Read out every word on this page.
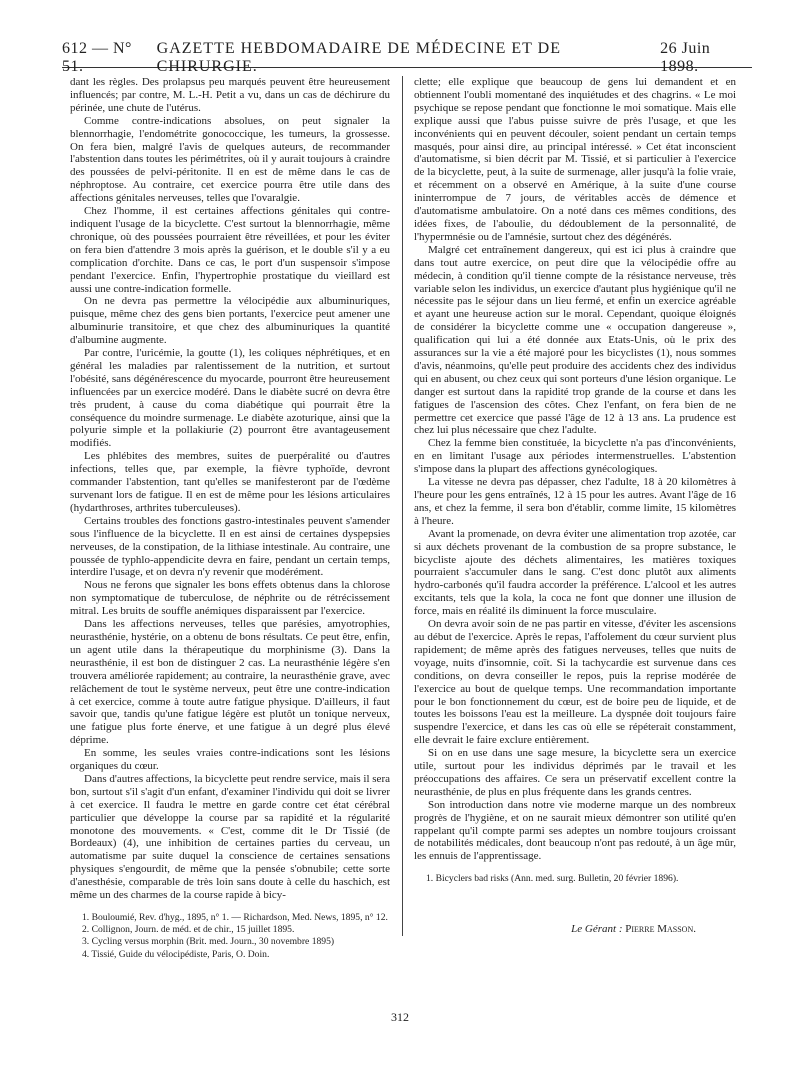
612 — N° 51.
GAZETTE HEBDOMADAIRE DE MÉDECINE ET DE CHIRURGIE.
26 Juin 1898.

dant les règles. Des prolapsus peu marqués peuvent être heureusement influencés; par contre, M. L.-H. Petit a vu, dans un cas de déchirure du périnée, une chute de l'utérus.

Comme contre-indications absolues, on peut signaler la blennorrhagie, l'endométrite gonococcique, les tumeurs, la grossesse. On fera bien, malgré l'avis de quelques auteurs, de recommander l'abstention dans toutes les périmétrites, où il y aurait toujours à craindre des poussées de pelvi-péritonite. Il en est de même dans le cas de néphroptose. Au contraire, cet exercice pourra être utile dans des affections génitales nerveuses, telles que l'ovaralgie.

Chez l'homme, il est certaines affections génitales qui contre-indiquent l'usage de la bicyclette. C'est surtout la blennorrhagie, même chronique, où des poussées pourraient être réveillées, et pour les éviter on fera bien d'attendre 3 mois après la guérison, et le double s'il y a eu complication d'orchite. Dans ce cas, le port d'un suspensoir s'impose pendant l'exercice. Enfin, l'hypertrophie prostatique du vieillard est aussi une contre-indication formelle.

On ne devra pas permettre la vélocipédie aux albuminuriques, puisque, même chez des gens bien portants, l'exercice peut amener une albuminurie transitoire, et que chez des albuminuriques la quantité d'albumine augmente.

Par contre, l'uricémie, la goutte (1), les coliques néphrétiques, et en général les maladies par ralentissement de la nutrition, et surtout l'obésité, sans dégénérescence du myocarde, pourront être heureusement influencées par un exercice modéré. Dans le diabète sucré on devra être très prudent, à cause du coma diabétique qui pourrait être la conséquence du moindre surmenage. Le diabète azoturique, ainsi que la polyurie simple et la pollakiurie (2) pourront être avantageusement modifiés.

Les phlébites des membres, suites de puerpéralité ou d'autres infections, telles que, par exemple, la fièvre typhoïde, devront commander l'abstention, tant qu'elles se manifesteront par de l'œdème survenant lors de fatigue. Il en est de même pour les lésions articulaires (hydarthroses, arthrites tuberculeuses).

Certains troubles des fonctions gastro-intestinales peuvent s'amender sous l'influence de la bicyclette. Il en est ainsi de certaines dyspepsies nerveuses, de la constipation, de la lithiase intestinale. Au contraire, une poussée de typhlo-appendicite devra en faire, pendant un certain temps, interdire l'usage, et on devra n'y revenir que modérément.

Nous ne ferons que signaler les bons effets obtenus dans la chlorose non symptomatique de tuberculose, de néphrite ou de rétrécissement mitral. Les bruits de souffle anémiques disparaissent par l'exercice.

Dans les affections nerveuses, telles que parésies, amyotrophies, neurasthénie, hystérie, on a obtenu de bons résultats. Ce peut être, enfin, un agent utile dans la thérapeutique du morphinisme (3). Dans la neurasthénie, il est bon de distinguer 2 cas. La neurasthénie légère s'en trouvera améliorée rapidement; au contraire, la neurasthénie grave, avec relâchement de tout le système nerveux, peut être une contre-indication à cet exercice, comme à toute autre fatigue physique. D'ailleurs, il faut savoir que, tandis qu'une fatigue légère est plutôt un tonique nerveux, une fatigue plus forte énerve, et une fatigue à un degré plus élevé déprime.

En somme, les seules vraies contre-indications sont les lésions organiques du cœur.

Dans d'autres affections, la bicyclette peut rendre service, mais il sera bon, surtout s'il s'agit d'un enfant, d'examiner l'individu qui doit se livrer à cet exercice. Il faudra le mettre en garde contre cet état cérébral particulier que développe la course par sa rapidité et la régularité monotone des mouvements. « C'est, comme dit le Dr Tissié (de Bordeaux) (4), une inhibition de certaines parties du cerveau, un automatisme par suite duquel la conscience de certaines sensations physiques s'engourdit, de même que la pensée s'obnubile; cette sorte d'anesthésie, comparable de très loin sans doute à celle du haschich, est même un des charmes de la course rapide à bicy-

1. Bouloumié, Rev. d'hyg., 1895, n° 1. — Richardson, Med. News, 1895, n° 12.

2. Collignon, Journ. de méd. et de chir., 15 juillet 1895.

3. Cycling versus morphin (Brit. med. Journ., 30 novembre 1895)

4. Tissié, Guide du vélocipédiste, Paris, O. Doin.

clette; elle explique que beaucoup de gens lui demandent et en obtiennent l'oubli momentané des inquiétudes et des chagrins. « Le moi psychique se repose pendant que fonctionne le moi somatique. Mais elle explique aussi que l'abus puisse suivre de près l'usage, et que les inconvénients qui en peuvent découler, soient pendant un certain temps masqués, pour ainsi dire, au principal intéressé. » Cet état inconscient d'automatisme, si bien décrit par M. Tissié, et si particulier à l'exercice de la bicyclette, peut, à la suite de surmenage, aller jusqu'à la folie vraie, et récemment on a observé en Amérique, à la suite d'une course ininterrompue de 7 jours, de véritables accès de démence et d'automatisme ambulatoire. On a noté dans ces mêmes conditions, des idées fixes, de l'aboulie, du dédoublement de la personnalité, de l'hypermnésie ou de l'amnésie, surtout chez des dégénérés.

Malgré cet entraînement dangereux, qui est ici plus à craindre que dans tout autre exercice, on peut dire que la vélocipédie offre au médecin, à condition qu'il tienne compte de la résistance nerveuse, très variable selon les individus, un exercice d'autant plus hygiénique qu'il ne nécessite pas le séjour dans un lieu fermé, et enfin un exercice agréable et ayant une heureuse action sur le moral. Cependant, quoique éloignés de considérer la bicyclette comme une « occupation dangereuse », qualification qui lui a été donnée aux Etats-Unis, où le prix des assurances sur la vie a été majoré pour les bicyclistes (1), nous sommes d'avis, néanmoins, qu'elle peut produire des accidents chez des individus qui en abusent, ou chez ceux qui sont porteurs d'une lésion organique. Le danger est surtout dans la rapidité trop grande de la course et dans les fatigues de l'ascension des côtes. Chez l'enfant, on fera bien de ne permettre cet exercice que passé l'âge de 12 à 13 ans. La prudence est chez lui plus nécessaire que chez l'adulte.

Chez la femme bien constituée, la bicyclette n'a pas d'inconvénients, en en limitant l'usage aux périodes intermenstruelles. L'abstention s'impose dans la plupart des affections gynécologiques.

La vitesse ne devra pas dépasser, chez l'adulte, 18 à 20 kilomètres à l'heure pour les gens entraînés, 12 à 15 pour les autres. Avant l'âge de 16 ans, et chez la femme, il sera bon d'établir, comme limite, 15 kilomètres à l'heure.

Avant la promenade, on devra éviter une alimentation trop azotée, car si aux déchets provenant de la combustion de sa propre substance, le bicycliste ajoute des déchets alimentaires, les matières toxiques pourraient s'accumuler dans le sang. C'est donc plutôt aux aliments hydro-carbonés qu'il faudra accorder la préférence. L'alcool et les autres excitants, tels que la kola, la coca ne font que donner une illusion de force, mais en réalité ils diminuent la force musculaire.

On devra avoir soin de ne pas partir en vitesse, d'éviter les ascensions au début de l'exercice. Après le repas, l'affolement du cœur survient plus rapidement; de même après des fatigues nerveuses, telles que nuits de voyage, nuits d'insomnie, coït. Si la tachycardie est survenue dans ces conditions, on devra conseiller le repos, puis la reprise modérée de l'exercice au bout de quelque temps. Une recommandation importante pour le bon fonctionnement du cœur, est de boire peu de liquide, et de toutes les boissons l'eau est la meilleure. La dyspnée doit toujours faire suspendre l'exercice, et dans les cas où elle se répéterait constamment, elle devrait le faire exclure entièrement.

Si on en use dans une sage mesure, la bicyclette sera un exercice utile, surtout pour les individus déprimés par le travail et les préoccupations des affaires. Ce sera un préservatif excellent contre la neurasthénie, de plus en plus fréquente dans les grands centres.

Son introduction dans notre vie moderne marque un des nombreux progrès de l'hygiène, et on ne saurait mieux démontrer son utilité qu'en rappelant qu'il compte parmi ses adeptes un nombre toujours croissant de notabilités médicales, dont beaucoup n'ont pas redouté, à un âge mûr, les ennuis de l'apprentissage.

1. Bicyclers bad risks (Ann. med. surg. Bulletin, 20 février 1896).

Le Gérant : Pierre Masson.
312
